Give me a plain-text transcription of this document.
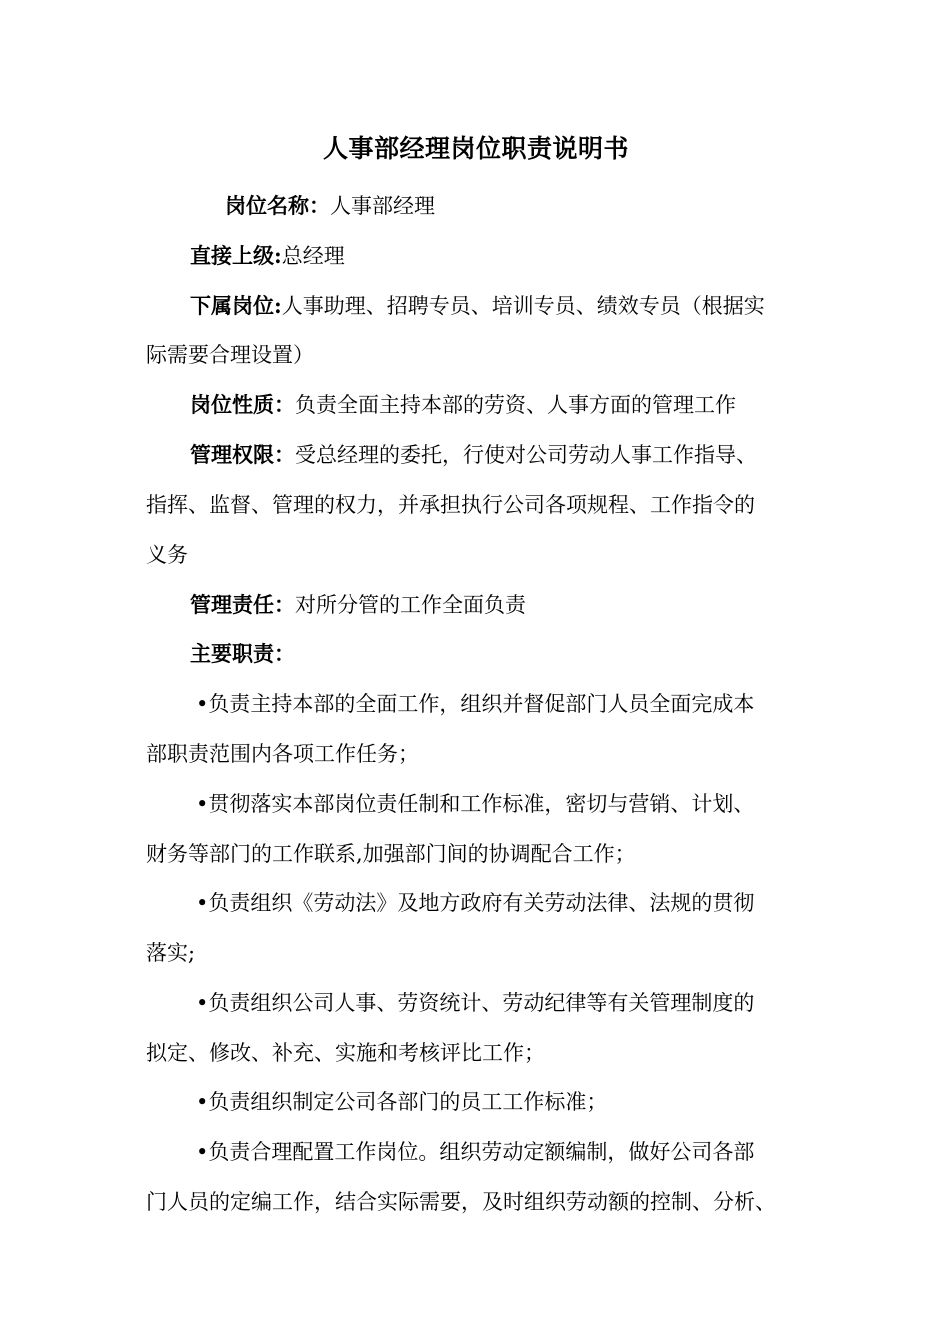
人事部经理岗位职责说明书

岗位名称：人事部经理

直接上级:总经理

下属岗位:人事助理、招聘专员、培训专员、绩效专员（根据实

际需要合理设置）

岗位性质：负责全面主持本部的劳资、人事方面的管理工作

管理权限：受总经理的委托，行使对公司劳动人事工作指导、

指挥、监督、管理的权力，并承担执行公司各项规程、工作指令的

义务

管理责任：对所分管的工作全面负责

主要职责：

•负责主持本部的全面工作，组织并督促部门人员全面完成本

部职责范围内各项工作任务；

•贯彻落实本部岗位责任制和工作标准，密切与营销、计划、

财务等部门的工作联系,加强部门间的协调配合工作；

•负责组织《劳动法》及地方政府有关劳动法律、法规的贯彻

落实;

•负责组织公司人事、劳资统计、劳动纪律等有关管理制度的

拟定、修改、补充、实施和考核评比工作；

•负责组织制定公司各部门的员工工作标准；

•负责合理配置工作岗位。组织劳动定额编制，做好公司各部

门人员的定编工作，结合实际需要，及时组织劳动额的控制、分析、
